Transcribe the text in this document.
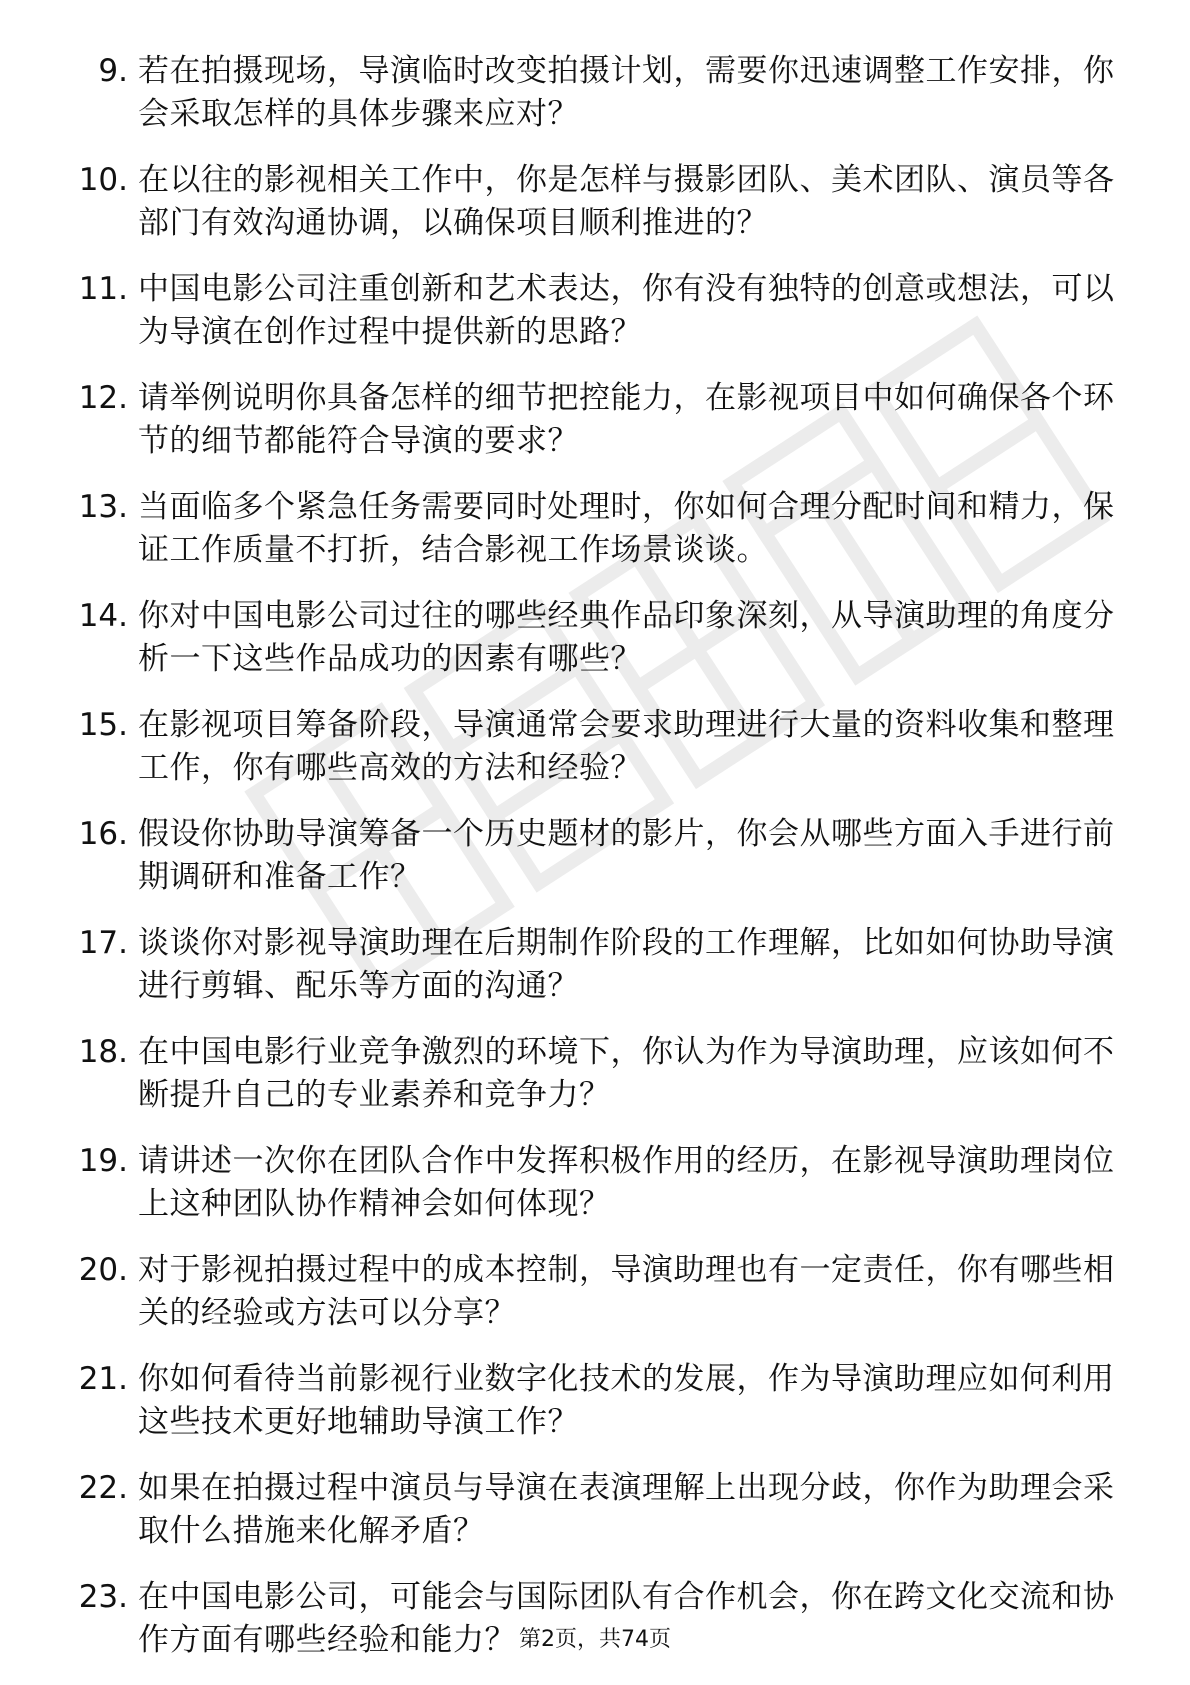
9. 若在拍摄现场，导演临时改变拍摄计划，需要你迅速调整工作安排，你会采取怎样的具体步骤来应对？
10. 在以往的影视相关工作中，你是怎样与摄影团队、美术团队、演员等各部门有效沟通协调，以确保项目顺利推进的？
11. 中国电影公司注重创新和艺术表达，你有没有独特的创意或想法，可以为导演在创作过程中提供新的思路？
12. 请举例说明你具备怎样的细节把控能力，在影视项目中如何确保各个环节的细节都能符合导演的要求？
13. 当面临多个紧急任务需要同时处理时，你如何合理分配时间和精力，保证工作质量不打折，结合影视工作场景谈谈。
14. 你对中国电影公司过往的哪些经典作品印象深刻，从导演助理的角度分析一下这些作品成功的因素有哪些？
15. 在影视项目筹备阶段，导演通常会要求助理进行大量的资料收集和整理工作，你有哪些高效的方法和经验？
16. 假设你协助导演筹备一个历史题材的影片，你会从哪些方面入手进行前期调研和准备工作？
17. 谈谈你对影视导演助理在后期制作阶段的工作理解，比如如何协助导演进行剪辑、配乐等方面的沟通？
18. 在中国电影行业竞争激烈的环境下，你认为作为导演助理，应该如何不断提升自己的专业素养和竞争力？
19. 请讲述一次你在团队合作中发挥积极作用的经历，在影视导演助理岗位上这种团队协作精神会如何体现？
20. 对于影视拍摄过程中的成本控制，导演助理也有一定责任，你有哪些相关的经验或方法可以分享？
21. 你如何看待当前影视行业数字化技术的发展，作为导演助理应如何利用这些技术更好地辅助导演工作？
22. 如果在拍摄过程中演员与导演在表演理解上出现分歧，你作为助理会采取什么措施来化解矛盾？
23. 在中国电影公司，可能会与国际团队有合作机会，你在跨文化交流和协作方面有哪些经验和能力？ 第2页，共74页
